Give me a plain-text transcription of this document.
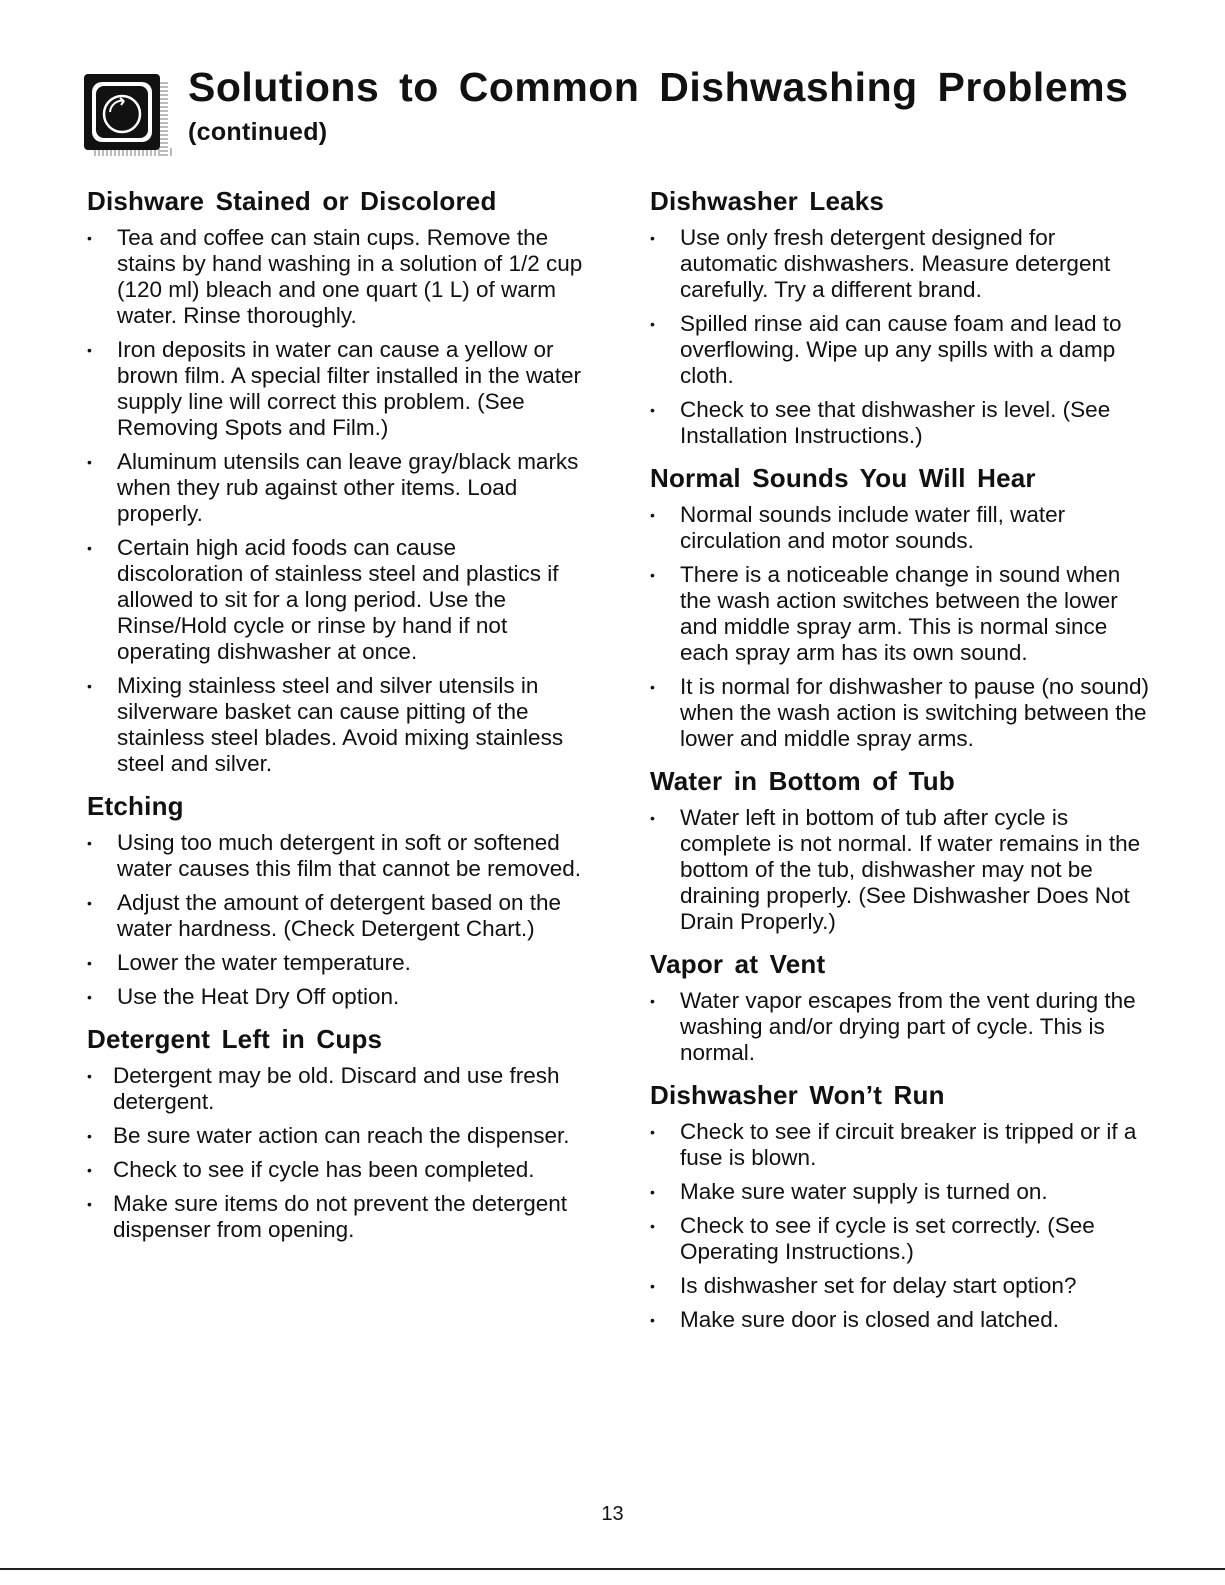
Solutions to Common Dishwashing Problems
(continued)
Dishware Stained or Discolored
• Tea and coffee can stain cups. Remove the stains by hand washing in a solution of 1/2 cup (120 ml) bleach and one quart (1 L) of warm water. Rinse thoroughly.
• Iron deposits in water can cause a yellow or brown film. A special filter installed in the water supply line will correct this problem. (See Removing Spots and Film.)
• Aluminum utensils can leave gray/black marks when they rub against other items. Load properly.
• Certain high acid foods can cause discoloration of stainless steel and plastics if allowed to sit for a long period. Use the Rinse/Hold cycle or rinse by hand if not operating dishwasher at once.
• Mixing stainless steel and silver utensils in silverware basket can cause pitting of the stainless steel blades. Avoid mixing stainless steel and silver.
Etching
• Using too much detergent in soft or softened water causes this film that cannot be removed.
• Adjust the amount of detergent based on the water hardness. (Check Detergent Chart.)
• Lower the water temperature.
• Use the Heat Dry Off option.
Detergent Left in Cups
• Detergent may be old. Discard and use fresh detergent.
• Be sure water action can reach the dispenser.
• Check to see if cycle has been completed.
• Make sure items do not prevent the detergent dispenser from opening.
Dishwasher Leaks
• Use only fresh detergent designed for automatic dishwashers. Measure detergent carefully. Try a different brand.
• Spilled rinse aid can cause foam and lead to overflowing. Wipe up any spills with a damp cloth.
• Check to see that dishwasher is level. (See Installation Instructions.)
Normal Sounds You Will Hear
• Normal sounds include water fill, water circulation and motor sounds.
• There is a noticeable change in sound when the wash action switches between the lower and middle spray arm. This is normal since each spray arm has its own sound.
• It is normal for dishwasher to pause (no sound) when the wash action is switching between the lower and middle spray arms.
Water in Bottom of Tub
• Water left in bottom of tub after cycle is complete is not normal. If water remains in the bottom of the tub, dishwasher may not be draining properly. (See Dishwasher Does Not Drain Properly.)
Vapor at Vent
• Water vapor escapes from the vent during the washing and/or drying part of cycle. This is normal.
Dishwasher Won’t Run
• Check to see if circuit breaker is tripped or if a fuse is blown.
• Make sure water supply is turned on.
• Check to see if cycle is set correctly. (See Operating Instructions.)
• Is dishwasher set for delay start option?
• Make sure door is closed and latched.
13
